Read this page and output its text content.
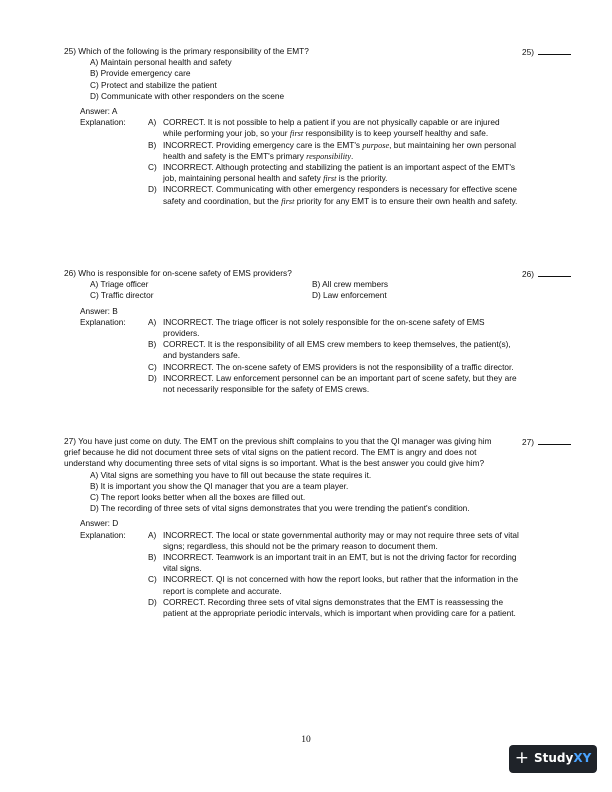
25)
25) Which of the following is the primary responsibility of the EMT?
A) Maintain personal health and safety
B) Provide emergency care
C) Protect and stabilize the patient
D) Communicate with other responders on the scene
Answer: A
Explanation:	A) CORRECT. It is not possible to help a patient if you are not physically capable or are injured while performing your job, so your first responsibility is to keep yourself healthy and safe.
B) INCORRECT. Providing emergency care is the EMT's purpose, but maintaining her own personal health and safety is the EMT's primary responsibility.
C) INCORRECT. Although protecting and stabilizing the patient is an important aspect of the EMT's job, maintaining personal health and safety first is the priority.
D) INCORRECT. Communicating with other emergency responders is necessary for effective scene safety and coordination, but the first priority for any EMT is to ensure their own health and safety.
26)
26) Who is responsible for on-scene safety of EMS providers?
A) Triage officer	B) All crew members
C) Traffic director	D) Law enforcement
Answer: B
Explanation:	A) INCORRECT. The triage officer is not solely responsible for the on-scene safety of EMS providers.
B) CORRECT. It is the responsibility of all EMS crew members to keep themselves, the patient(s), and bystanders safe.
C) INCORRECT. The on-scene safety of EMS providers is not the responsibility of a traffic director.
D) INCORRECT. Law enforcement personnel can be an important part of scene safety, but they are not necessarily responsible for the safety of EMS crews.
27)
27) You have just come on duty. The EMT on the previous shift complains to you that the QI manager was giving him grief because he did not document three sets of vital signs on the patient record. The EMT is angry and does not understand why documenting three sets of vital signs is so important. What is the best answer you could give him?
A) Vital signs are something you have to fill out because the state requires it.
B) It is important you show the QI manager that you are a team player.
C) The report looks better when all the boxes are filled out.
D) The recording of three sets of vital signs demonstrates that you were trending the patient's condition.
Answer: D
Explanation:	A) INCORRECT. The local or state governmental authority may or may not require three sets of vital signs; regardless, this should not be the primary reason to document them.
B) INCORRECT. Teamwork is an important trait in an EMT, but is not the driving factor for recording vital signs.
C) INCORRECT. QI is not concerned with how the report looks, but rather that the information in the report is complete and accurate.
D) CORRECT. Recording three sets of vital signs demonstrates that the EMT is reassessing the patient at the appropriate periodic intervals, which is important when providing care for a patient.
10
+ Study XY
